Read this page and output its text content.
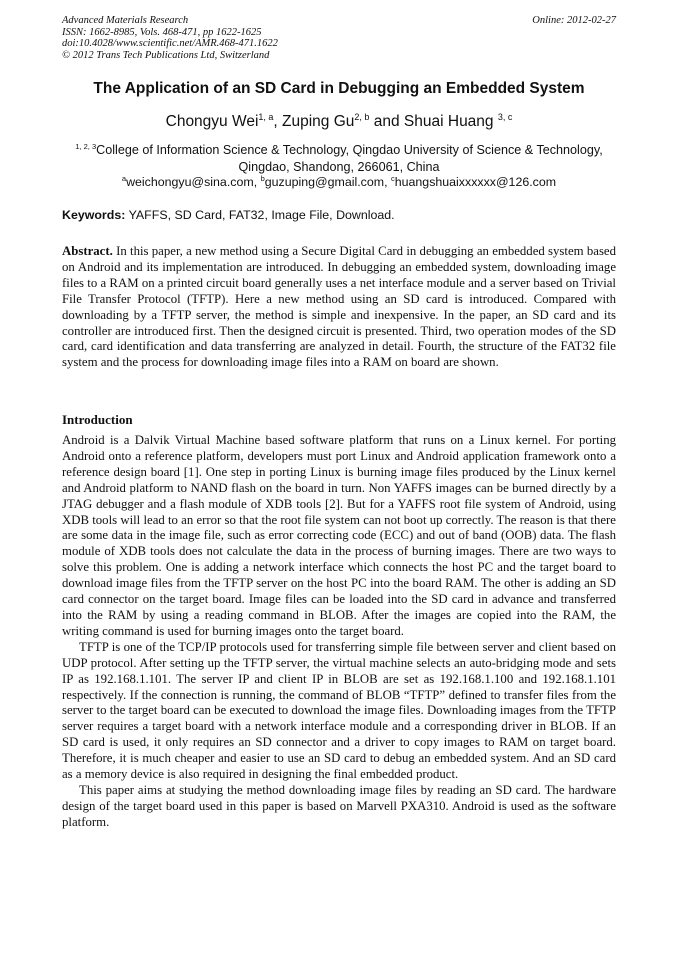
Advanced Materials Research
ISSN: 1662-8985, Vols. 468-471, pp 1622-1625
doi:10.4028/www.scientific.net/AMR.468-471.1622
© 2012 Trans Tech Publications Ltd, Switzerland
Online: 2012-02-27
The Application of an SD Card in Debugging an Embedded System
Chongyu Wei$^{1, a}$, Zuping Gu$^{2, b}$ and Shuai Huang $^{3, c}$
$^{1, 2, 3}$College of Information Science & Technology, Qingdao University of Science & Technology,
Qingdao, Shandong, 266061, China
$^a$weichongyu@sina.com, $^b$guzuping@gmail.com, $^c$huangshuaixxxxxx@126.com
Keywords: YAFFS, SD Card, FAT32, Image File, Download.
Abstract. In this paper, a new method using a Secure Digital Card in debugging an embedded system based on Android and its implementation are introduced. In debugging an embedded system, downloading image files to a RAM on a printed circuit board generally uses a net interface module and a server based on Trivial File Transfer Protocol (TFTP). Here a new method using an SD card is introduced. Compared with downloading by a TFTP server, the method is simple and inexpensive. In the paper, an SD card and its controller are introduced first. Then the designed circuit is presented. Third, two operation modes of the SD card, card identification and data transferring are analyzed in detail. Fourth, the structure of the FAT32 file system and the process for downloading image files into a RAM on board are shown.
Introduction

Android is a Dalvik Virtual Machine based software platform that runs on a Linux kernel. For porting Android onto a reference platform, developers must port Linux and Android application framework onto a reference design board [1]. One step in porting Linux is burning image files produced by the Linux kernel and Android platform to NAND flash on the board in turn. Non YAFFS images can be burned directly by a JTAG debugger and a flash module of XDB tools [2]. But for a YAFFS root file system of Android, using XDB tools will lead to an error so that the root file system can not boot up correctly. The reason is that there are some data in the image file, such as error correcting code (ECC) and out of band (OOB) data. The flash module of XDB tools does not calculate the data in the process of burning images. There are two ways to solve this problem. One is adding a network interface which connects the host PC and the target board to download image files from the TFTP server on the host PC into the board RAM. The other is adding an SD card connector on the target board. Image files can be loaded into the SD card in advance and transferred into the RAM by using a reading command in BLOB. After the images are copied into the RAM, the writing command is used for burning images onto the target board.

TFTP is one of the TCP/IP protocols used for transferring simple file between server and client based on UDP protocol. After setting up the TFTP server, the virtual machine selects an auto-bridging mode and sets IP as 192.168.1.101. The server IP and client IP in BLOB are set as 192.168.1.100 and 192.168.1.101 respectively. If the connection is running, the command of BLOB “TFTP” defined to transfer files from the server to the target board can be executed to download the image files. Downloading images from the TFTP server requires a target board with a network interface module and a corresponding driver in BLOB. If an SD card is used, it only requires an SD connector and a driver to copy images to RAM on target board. Therefore, it is much cheaper and easier to use an SD card to debug an embedded system. And an SD card as a memory device is also required in designing the final embedded product.

This paper aims at studying the method downloading image files by reading an SD card. The hardware design of the target board used in this paper is based on Marvell PXA310. Android is used as the software platform.
